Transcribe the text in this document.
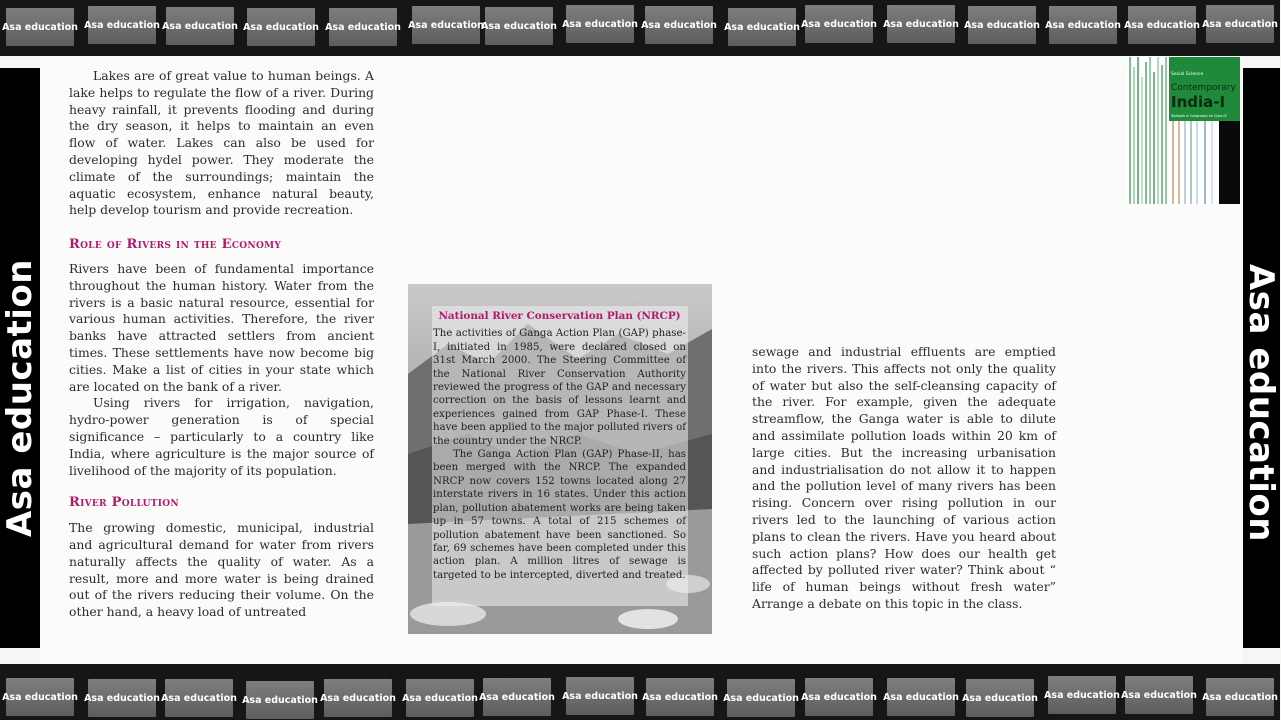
Asa education Asa education Asa education Asa education Asa education Asa education
Asa education Asa education Asa education Asa education Asa education Asa education Asa education Asa education Asa education Asa education
Asa education	Asa education

Lakes are of great value to human beings. A lake helps to regulate the flow of a river. During heavy rainfall, it prevents flooding and during the dry season, it helps to maintain an even flow of water. Lakes can also be used for developing hydel power. They moderate the climate of the surroundings; maintain the aquatic ecosystem, enhance natural beauty, help develop tourism and provide recreation.

Role of Rivers in the Economy

Rivers have been of fundamental importance throughout the human history. Water from the rivers is a basic natural resource, essential for various human activities. Therefore, the river banks have attracted settlers from ancient times. These settlements have now become big cities. Make a list of cities in your state which are located on the bank of a river.

Using rivers for irrigation, navigation, hydro-power generation is of special significance – particularly to a country like India, where agriculture is the major source of livelihood of the majority of its population.

River Pollution

The growing domestic, municipal, industrial and agricultural demand for water from rivers naturally affects the quality of water. As a result, more and more water is being drained out of the rivers reducing their volume. On the other hand, a heavy load of untreated

National River Conservation Plan (NRCP)

The activities of Ganga Action Plan (GAP) phase-I, initiated in 1985, were declared closed on 31st March 2000. The Steering Committee of the National River Conservation Authority reviewed the progress of the GAP and necessary correction on the basis of lessons learnt and experiences gained from GAP Phase-I. These have been applied to the major polluted rivers of the country under the NRCP.

The Ganga Action Plan (GAP) Phase-II, has been merged with the NRCP. The expanded NRCP now covers 152 towns located along 27 interstate rivers in 16 states. Under this action plan, pollution abatement works are being taken up in 57 towns. A total of 215 schemes of pollution abatement have been sanctioned. So far, 69 schemes have been completed under this action plan. A million litres of sewage is targeted to be intercepted, diverted and treated.

sewage and industrial effluents are emptied into the rivers. This affects not only the quality of water but also the self-cleansing capacity of the river. For example, given the adequate streamflow, the Ganga water is able to dilute and assimilate pollution loads within 20 km of large cities. But the increasing urbanisation and industrialisation do not allow it to happen and the pollution level of many rivers has been rising. Concern over rising pollution in our rivers led to the launching of various action plans to clean the rivers. Have you heard about such action plans? How does our health get affected by polluted river water? Think about “ life of human beings without fresh water” Arrange a debate on this topic in the class.

Social Science
Contemporary
India-I
Textbook in Geography for Class IX
Asa education Asa education Asa education Asa education Asa education Asa education Asa education Asa education Asa education Asa education Asa education Asa education Asa education Asa education Asa education Asa education
